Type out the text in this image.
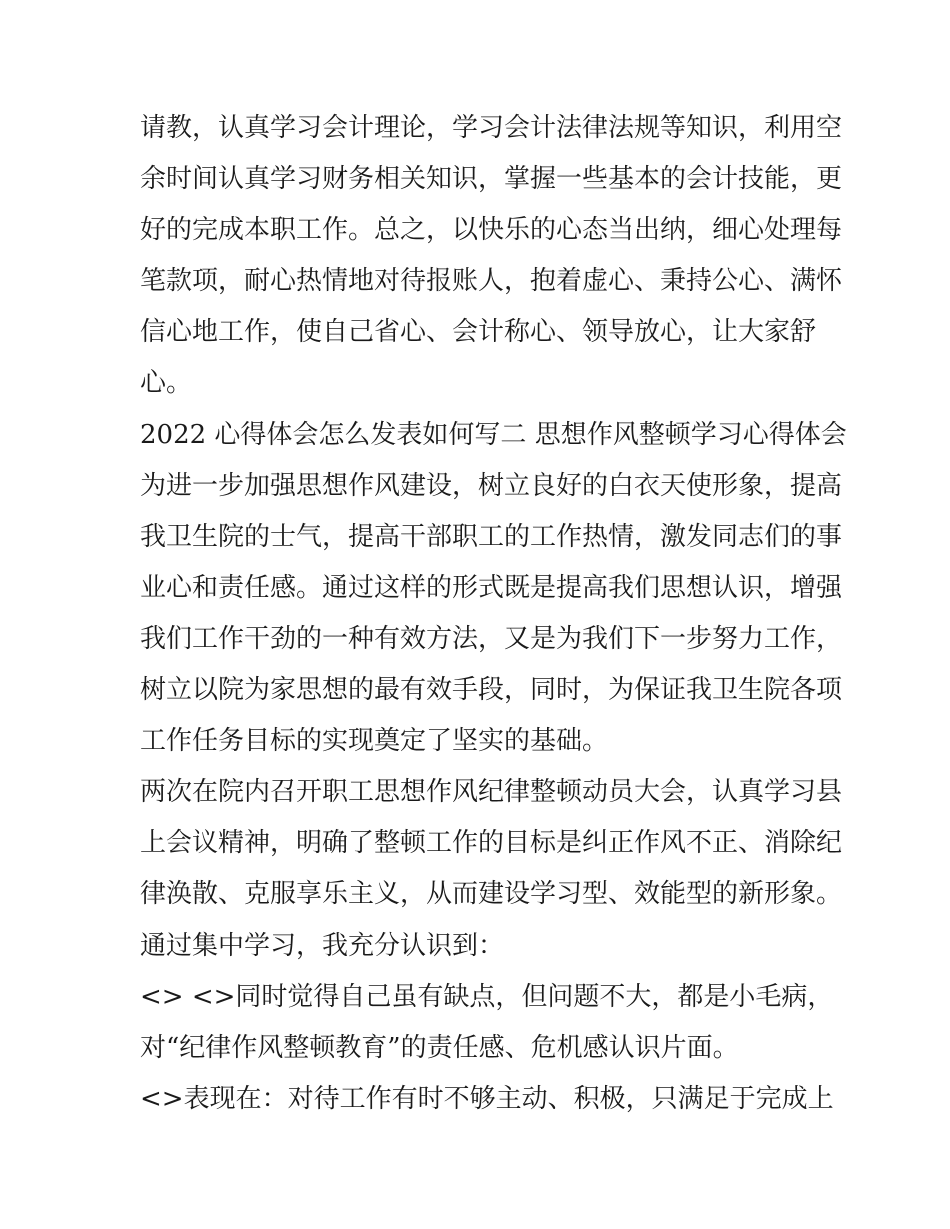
请教，认真学习会计理论，学习会计法律法规等知识，利用空
余时间认真学习财务相关知识，掌握一些基本的会计技能，更
好的完成本职工作。总之，以快乐的心态当出纳，细心处理每
笔款项，耐心热情地对待报账人，抱着虚心、秉持公心、满怀
信心地工作，使自己省心、会计称心、领导放心，让大家舒
心。
2022 心得体会怎么发表如何写二 思想作风整顿学习心得体会
为进一步加强思想作风建设，树立良好的白衣天使形象，提高
我卫生院的士气，提高干部职工的工作热情，激发同志们的事
业心和责任感。通过这样的形式既是提高我们思想认识，增强
我们工作干劲的一种有效方法，又是为我们下一步努力工作，
树立以院为家思想的最有效手段，同时，为保证我卫生院各项
工作任务目标的实现奠定了坚实的基础。
两次在院内召开职工思想作风纪律整顿动员大会，认真学习县
上会议精神，明确了整顿工作的目标是纠正作风不正、消除纪
律涣散、克服享乐主义，从而建设学习型、效能型的新形象。
通过集中学习，我充分认识到：
<> <>同时觉得自己虽有缺点，但问题不大，都是小毛病，
对“纪律作风整顿教育”的责任感、危机感认识片面。
<>表现在：对待工作有时不够主动、积极，只满足于完成上
